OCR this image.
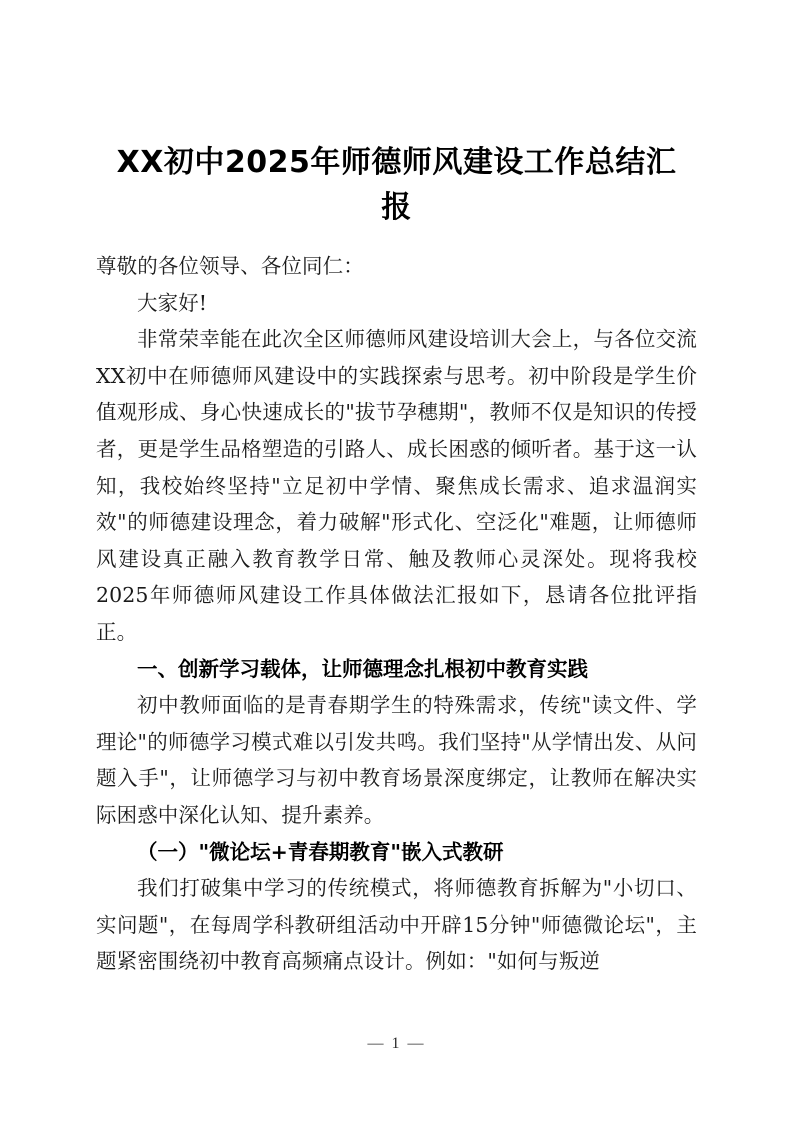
XX初中2025年师德师风建设工作总结汇报

尊敬的各位领导、各位同仁：

大家好!

非常荣幸能在此次全区师德师风建设培训大会上，与各位交流XX初中在师德师风建设中的实践探索与思考。初中阶段是学生价值观形成、身心快速成长的"拔节孕穗期"，教师不仅是知识的传授者，更是学生品格塑造的引路人、成长困惑的倾听者。基于这一认知，我校始终坚持"立足初中学情、聚焦成长需求、追求温润实效"的师德建设理念，着力破解"形式化、空泛化"难题，让师德师风建设真正融入教育教学日常、触及教师心灵深处。现将我校2025年师德师风建设工作具体做法汇报如下，恳请各位批评指正。

一、创新学习载体，让师德理念扎根初中教育实践

初中教师面临的是青春期学生的特殊需求，传统"读文件、学理论"的师德学习模式难以引发共鸣。我们坚持"从学情出发、从问题入手"，让师德学习与初中教育场景深度绑定，让教师在解决实际困惑中深化认知、提升素养。

（一）"微论坛+青春期教育"嵌入式教研

我们打破集中学习的传统模式，将师德教育拆解为"小切口、实问题"，在每周学科教研组活动中开辟15分钟"师德微论坛"，主题紧密围绕初中教育高频痛点设计。例如："如何与叛逆

— 1 —
